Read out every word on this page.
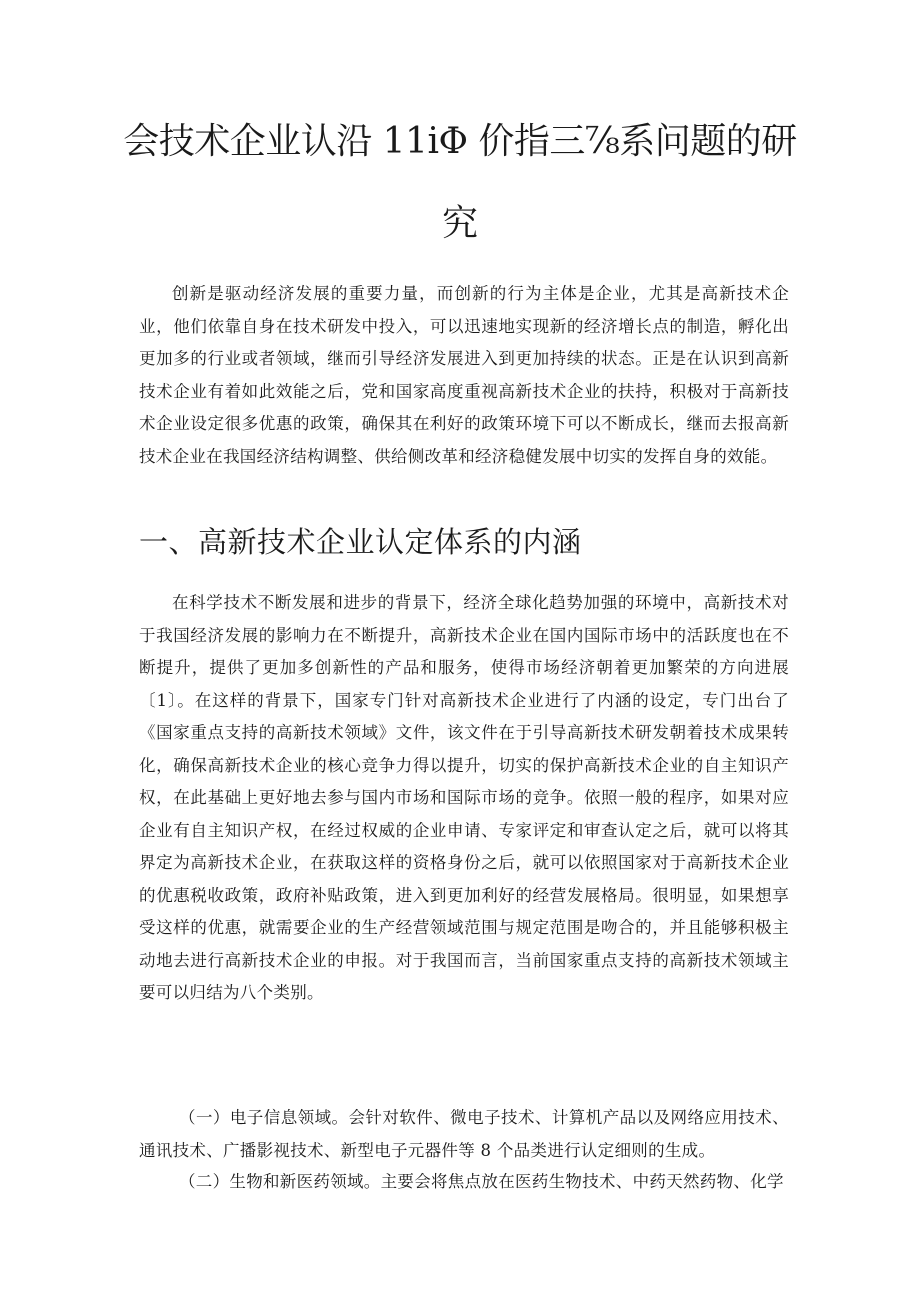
会技术企业认沿 11iΦ 价指三⅞系问题的研
究

创新是驱动经济发展的重要力量，而创新的行为主体是企业，尤其是高新技术企业，他们依靠自身在技术研发中投入，可以迅速地实现新的经济增长点的制造，孵化出更加多的行业或者领域，继而引导经济发展进入到更加持续的状态。正是在认识到高新技术企业有着如此效能之后，党和国家高度重视高新技术企业的扶持，积极对于高新技术企业设定很多优惠的政策，确保其在利好的政策环境下可以不断成长，继而去报高新技术企业在我国经济结构调整、供给侧改革和经济稳健发展中切实的发挥自身的效能。

一、高新技术企业认定体系的内涵

在科学技术不断发展和进步的背景下，经济全球化趋势加强的环境中，高新技术对于我国经济发展的影响力在不断提升，高新技术企业在国内国际市场中的活跃度也在不断提升，提供了更加多创新性的产品和服务，使得市场经济朝着更加繁荣的方向进展〔1〕。在这样的背景下，国家专门针对高新技术企业进行了内涵的设定，专门出台了《国家重点支持的高新技术领域》文件，该文件在于引导高新技术研发朝着技术成果转化，确保高新技术企业的核心竞争力得以提升，切实的保护高新技术企业的自主知识产权，在此基础上更好地去参与国内市场和国际市场的竞争。依照一般的程序，如果对应企业有自主知识产权，在经过权威的企业申请、专家评定和审查认定之后，就可以将其界定为高新技术企业，在获取这样的资格身份之后，就可以依照国家对于高新技术企业的优惠税收政策，政府补贴政策，进入到更加利好的经营发展格局。很明显，如果想享受这样的优惠，就需要企业的生产经营领域范围与规定范围是吻合的，并且能够积极主动地去进行高新技术企业的申报。对于我国而言，当前国家重点支持的高新技术领域主要可以归结为八个类别。

（一）电子信息领域。会针对软件、微电子技术、计算机产品以及网络应用技术、通讯技术、广播影视技术、新型电子元器件等 8 个品类进行认定细则的生成。

（二）生物和新医药领域。主要会将焦点放在医药生物技术、中药天然药物、化学
